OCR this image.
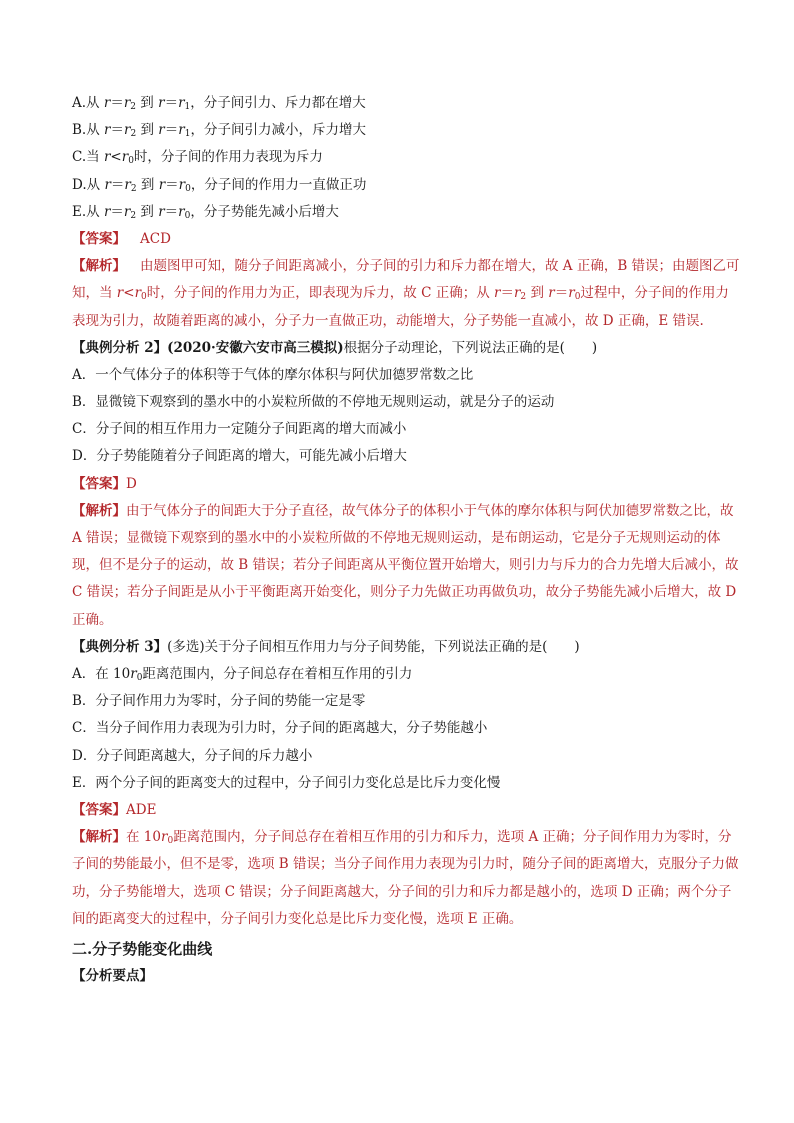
A.从 $r=r_2$ 到 $r=r_1$，分子间引力、斥力都在增大
B.从 $r=r_2$ 到 $r=r_1$，分子间引力减小，斥力增大
C.当 $r<r_0$时，分子间的作用力表现为斥力
D.从 $r=r_2$ 到 $r=r_0$，分子间的作用力一直做正功
E.从 $r=r_2$ 到 $r=r_0$，分子势能先减小后增大
【答案】 ACD
【解析】 由题图甲可知，随分子间距离减小，分子间的引力和斥力都在增大，故 A 正确，B 错误；由题图乙可知，当 $r<r_0$时，分子间的作用力为正，即表现为斥力，故 C 正确；从 $r=r_2$ 到 $r=r_0$过程中，分子间的作用力表现为引力，故随着距离的减小，分子力一直做正功，动能增大，分子势能一直减小，故 D 正确，E 错误.
【典例分析 2】(2020·安徽六安市高三模拟)根据分子动理论，下列说法正确的是(　　)
A．一个气体分子的体积等于气体的摩尔体积与阿伏加德罗常数之比
B．显微镜下观察到的墨水中的小炭粒所做的不停地无规则运动，就是分子的运动
C．分子间的相互作用力一定随分子间距离的增大而减小
D．分子势能随着分子间距离的增大，可能先减小后增大
【答案】D
【解析】由于气体分子的间距大于分子直径，故气体分子的体积小于气体的摩尔体积与阿伏加德罗常数之比，故 A 错误；显微镜下观察到的墨水中的小炭粒所做的不停地无规则运动，是布朗运动，它是分子无规则运动的体现，但不是分子的运动，故 B 错误；若分子间距离从平衡位置开始增大，则引力与斥力的合力先增大后减小，故 C 错误；若分子间距是从小于平衡距离开始变化，则分子力先做正功再做负功，故分子势能先减小后增大，故 D 正确。
【典例分析 3】(多选)关于分子间相互作用力与分子间势能，下列说法正确的是(　　)
A．在 $10r_0$距离范围内，分子间总存在着相互作用的引力
B．分子间作用力为零时，分子间的势能一定是零
C．当分子间作用力表现为引力时，分子间的距离越大，分子势能越小
D．分子间距离越大，分子间的斥力越小
E．两个分子间的距离变大的过程中，分子间引力变化总是比斥力变化慢
【答案】ADE
【解析】在 $10r_0$距离范围内，分子间总存在着相互作用的引力和斥力，选项 A 正确；分子间作用力为零时，分子间的势能最小，但不是零，选项 B 错误；当分子间作用力表现为引力时，随分子间的距离增大，克服分子力做功，分子势能增大，选项 C 错误；分子间距离越大，分子间的引力和斥力都是越小的，选项 D 正确；两个分子间的距离变大的过程中，分子间引力变化总是比斥力变化慢，选项 E 正确。
二.分子势能变化曲线
【分析要点】
